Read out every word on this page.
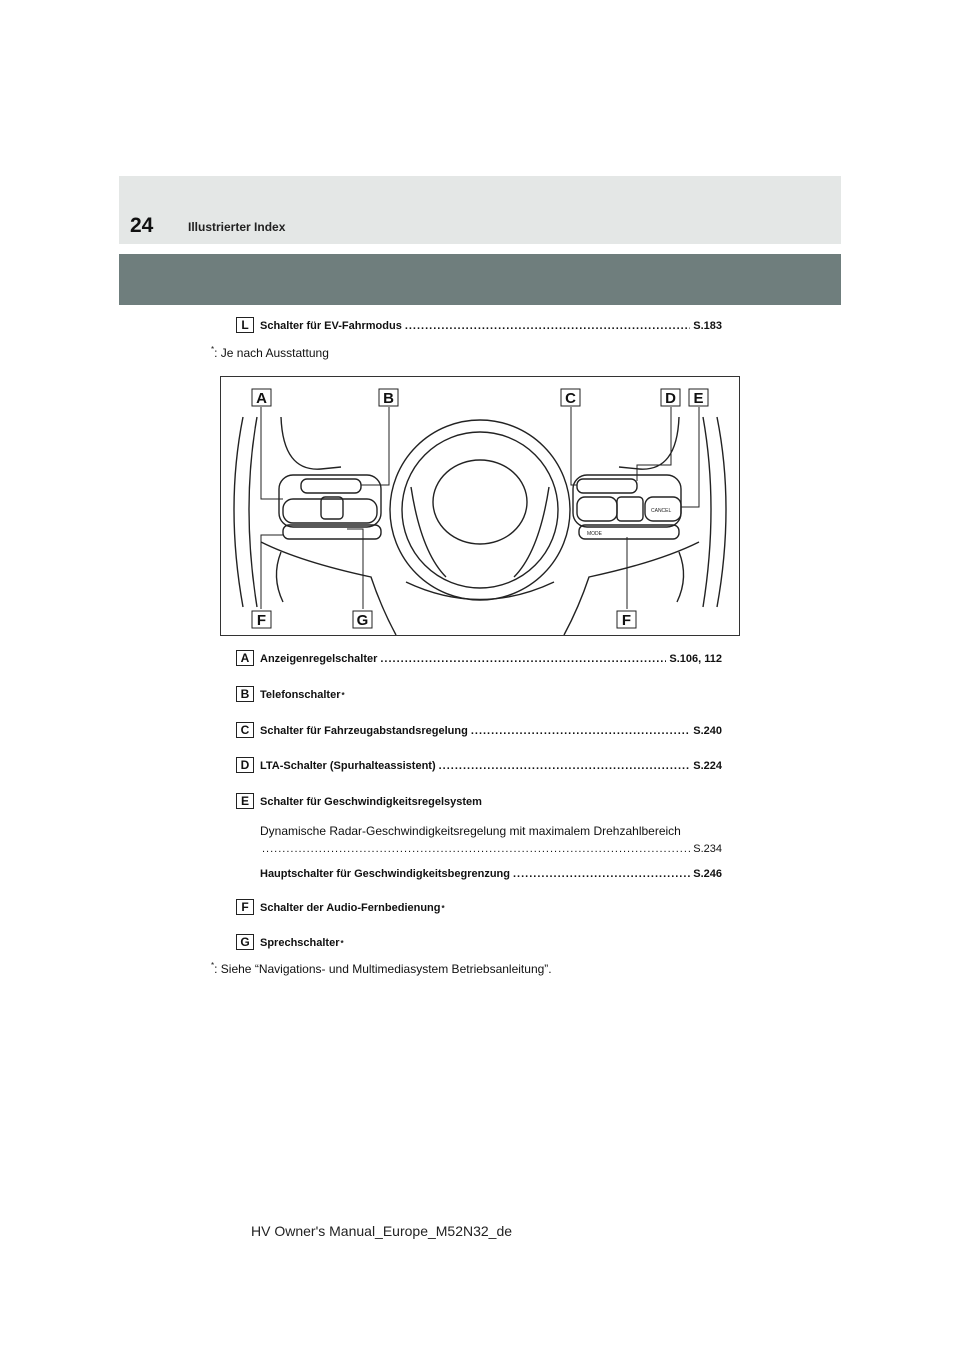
24	Illustrierter Index
L	Schalter für EV-Fahrmodus .....	S.183
*: Je nach Ausstattung
MODE
CANCEL
A	B	C	D E
F	G	F
A Anzeigenregelschalter .....	S.106, 112
B Telefonschalter *
C Schalter für Fahrzeugabstandsregelung .....	S.240
D LTA-Schalter (Spurhalteassistent) .....	S.224
E	Schalter für Geschwindigkeitsregelsystem
Dynamische Radar-Geschwindigkeitsregelung mit maximalem Drehzahlbereich
.....
S.234
Hauptschalter für Geschwindigkeitsbegrenzung .....	S.246
F	Schalter der Audio-Fernbedienung *
G Sprechschalter *
*: Siehe “Navigations- und Multimediasystem Betriebsanleitung”.
HV Owner's Manual_Europe_M52N32_de
